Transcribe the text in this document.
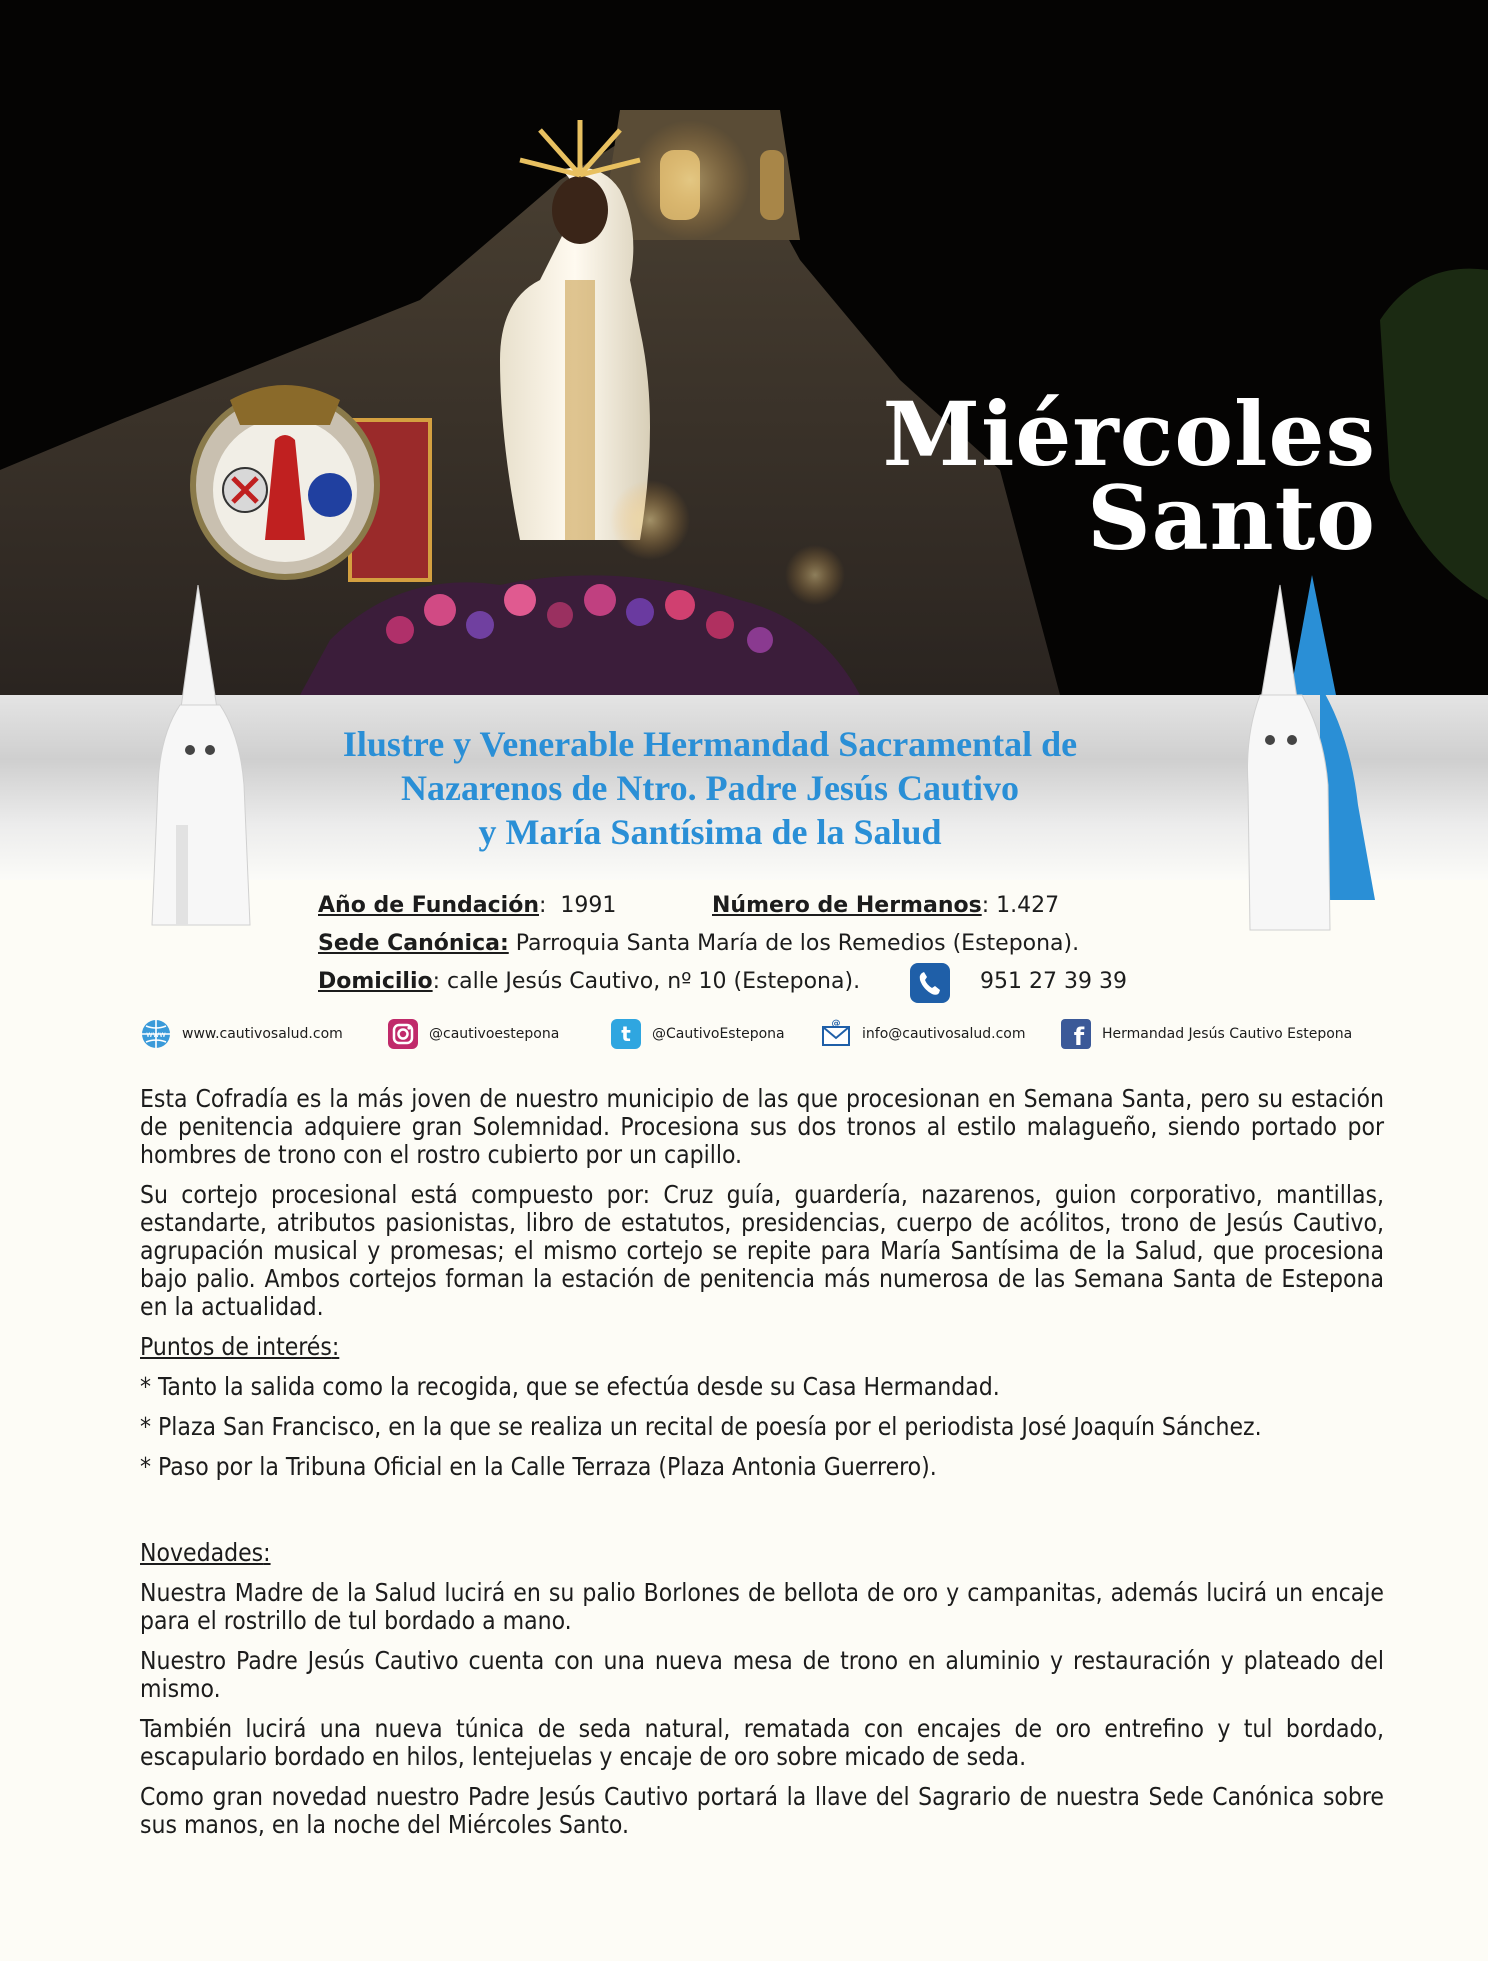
Miércoles
Santo
Ilustre y Venerable Hermandad Sacramental de
Nazarenos de Ntro. Padre Jesús Cautivo
y María Santísima de la Salud
Año de Fundación:  1991	Número de Hermanos: 1.427
Sede Canónica: Parroquia Santa María de los Remedios (Estepona).
Domicilio: calle Jesús Cautivo, nº 10 (Estepona).	951 27 39 39
www www.cautivosalud.com	@cautivoestepona	t @CautivoEstepona
@
info@cautivosalud.com f Hermandad Jesús Cautivo Estepona

Esta Cofradía es la más joven de nuestro municipio de las que procesionan en Semana Santa, pero su estación de penitencia adquiere gran Solemnidad. Procesiona sus dos tronos al estilo malagueño, siendo portado por hombres de trono con el rostro cubierto por un capillo.

Su cortejo procesional está compuesto por: Cruz guía, guardería, nazarenos, guion corporativo, mantillas, estandarte, atributos pasionistas, libro de estatutos, presidencias, cuerpo de acólitos, trono de Jesús Cautivo, agrupación musical y promesas; el mismo cortejo se repite para María Santísima de la Salud, que procesiona bajo palio. Ambos cortejos forman la estación de penitencia más numerosa de las Semana Santa de Estepona en la actualidad.

Puntos de interés:

* Tanto la salida como la recogida, que se efectúa desde su Casa Hermandad.

* Plaza San Francisco, en la que se realiza un recital de poesía por el periodista José Joaquín Sánchez.

* Paso por la Tribuna Oficial en la Calle Terraza (Plaza Antonia Guerrero).

Novedades:

Nuestra Madre de la Salud lucirá en su palio Borlones de bellota de oro y campanitas, además lucirá un encaje para el rostrillo de tul bordado a mano.

Nuestro Padre Jesús Cautivo cuenta con una nueva mesa de trono en aluminio y restauración y plateado del mismo.

También lucirá una nueva túnica de seda natural, rematada con encajes de oro entrefino y tul bordado, escapulario bordado en hilos, lentejuelas y encaje de oro sobre micado de seda.

Como gran novedad nuestro Padre Jesús Cautivo portará la llave del Sagrario de nuestra Sede Canónica sobre sus manos, en la noche del Miércoles Santo.
